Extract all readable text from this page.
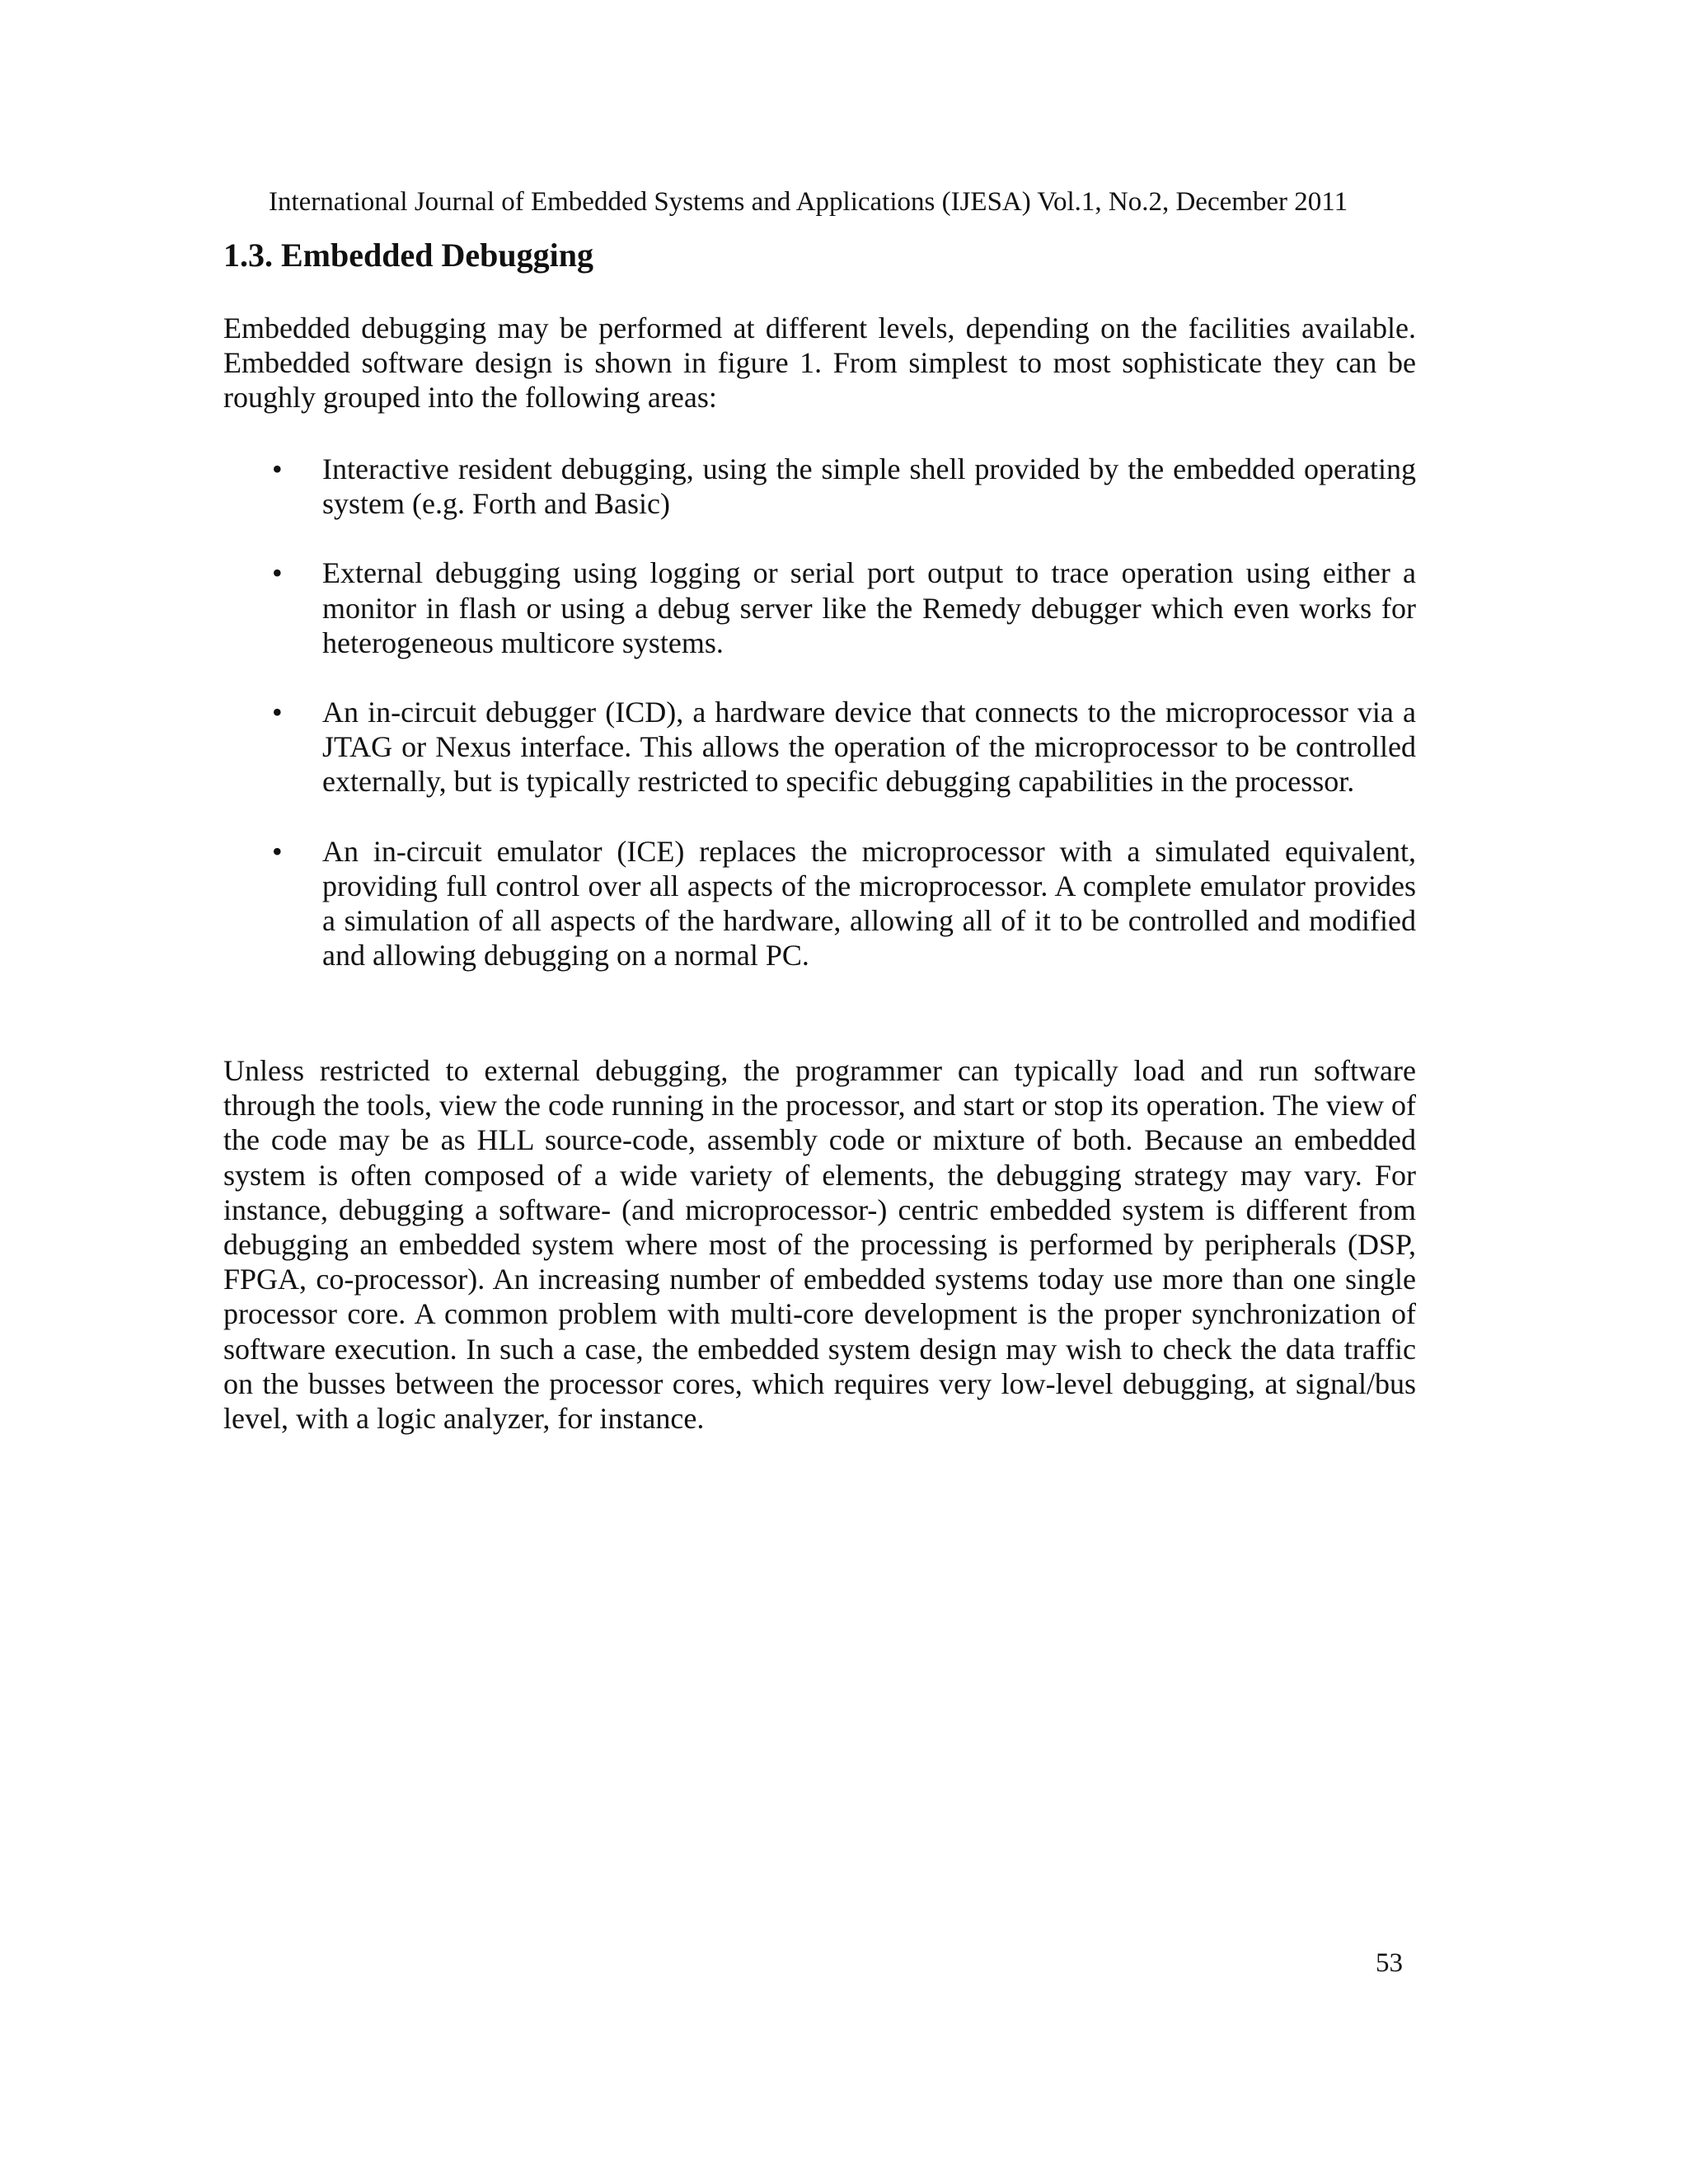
International Journal of Embedded Systems and Applications (IJESA) Vol.1, No.2, December 2011
1.3. Embedded Debugging

Embedded debugging may be performed at different levels, depending on the facilities available. Embedded software design is shown in figure 1. From simplest to most sophisticate they can be roughly grouped into the following areas:

• Interactive resident debugging, using the simple shell provided by the embedded operating system (e.g. Forth and Basic)
• External debugging using logging or serial port output to trace operation using either a monitor in flash or using a debug server like the Remedy debugger which even works for heterogeneous multicore systems.
• An in-circuit debugger (ICD), a hardware device that connects to the microprocessor via a JTAG or Nexus interface. This allows the operation of the microprocessor to be controlled externally, but is typically restricted to specific debugging capabilities in the processor.
• An in-circuit emulator (ICE) replaces the microprocessor with a simulated equivalent, providing full control over all aspects of the microprocessor. A complete emulator provides a simulation of all aspects of the hardware, allowing all of it to be controlled and modified and allowing debugging on a normal PC.

Unless restricted to external debugging, the programmer can typically load and run software through the tools, view the code running in the processor, and start or stop its operation. The view of the code may be as HLL source-code, assembly code or mixture of both. Because an embedded system is often composed of a wide variety of elements, the debugging strategy may vary. For instance, debugging a software- (and microprocessor-) centric embedded system is different from debugging an embedded system where most of the processing is performed by peripherals (DSP, FPGA, co-processor). An increasing number of embedded systems today use more than one single processor core. A common problem with multi-core development is the proper synchronization of software execution. In such a case, the embedded system design may wish to check the data traffic on the busses between the processor cores, which requires very low-level debugging, at signal/bus level, with a logic analyzer, for instance.

53
